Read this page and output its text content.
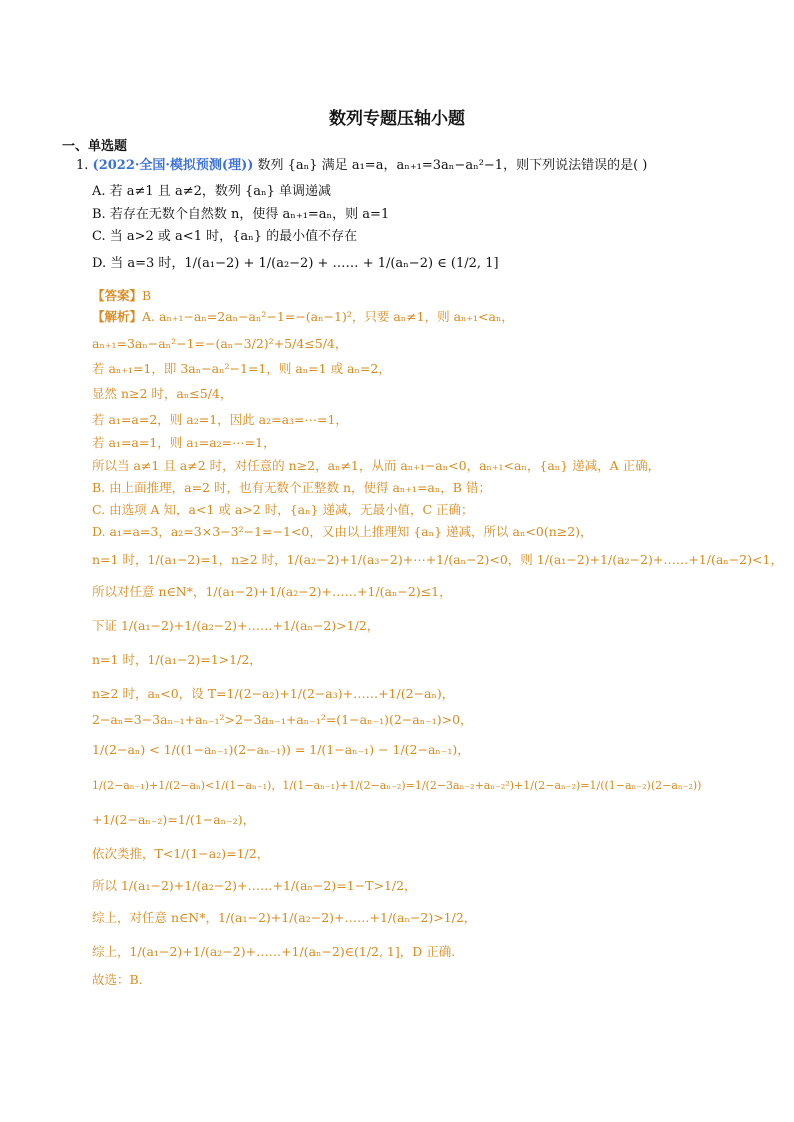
数列专题压轴小题
一、单选题
1. (2022·全国·模拟预测(理)) 数列 {aₙ} 满足 a₁=a，aₙ₊₁=3aₙ−aₙ²−1，则下列说法错误的是( )
A. 若 a≠1 且 a≠2，数列 {aₙ} 单调递减
B. 若存在无数个自然数 n，使得 aₙ₊₁=aₙ，则 a=1
C. 当 a>2 或 a<1 时，{aₙ} 的最小值不存在
D. 当 a=3 时，1/(a₁−2) + 1/(a₂−2) + …… + 1/(aₙ−2) ∈ (1/2, 1]
【答案】B
【解析】A. aₙ₊₁−aₙ=2aₙ−aₙ²−1=−(aₙ−1)²，只要 aₙ≠1，则 aₙ₊₁<aₙ，
aₙ₊₁=3aₙ−aₙ²−1=−(aₙ−3/2)²+5/4≤5/4，
若 aₙ₊₁=1，即 3aₙ−aₙ²−1=1，则 aₙ=1 或 aₙ=2，
显然 n≥2 时，aₙ≤5/4，
若 a₁=a=2，则 a₂=1，因此 a₂=a₃=⋯=1，
若 a₁=a=1，则 a₁=a₂=⋯=1，
所以当 a≠1 且 a≠2 时，对任意的 n≥2，aₙ≠1，从而 aₙ₊₁−aₙ<0，aₙ₊₁<aₙ，{aₙ} 递减，A 正确，
B. 由上面推理，a=2 时，也有无数个正整数 n，使得 aₙ₊₁=aₙ，B 错；
C. 由选项 A 知，a<1 或 a>2 时，{aₙ} 递减，无最小值，C 正确；
D. a₁=a=3，a₂=3×3−3²−1=−1<0，又由以上推理知 {aₙ} 递减，所以 aₙ<0(n≥2)，
n=1 时，1/(a₁−2)=1，n≥2 时，1/(a₂−2)+1/(a₃−2)+⋯+1/(aₙ−2)<0，则 1/(a₁−2)+1/(a₂−2)+……+1/(aₙ−2)<1，
所以对任意 n∈N*，1/(a₁−2)+1/(a₂−2)+……+1/(aₙ−2)≤1，
下证 1/(a₁−2)+1/(a₂−2)+……+1/(aₙ−2)>1/2，
n=1 时，1/(a₁−2)=1>1/2，
n≥2 时，aₙ<0，设 T=1/(2−a₂)+1/(2−a₃)+……+1/(2−aₙ)，
2−aₙ=3−3aₙ₋₁+aₙ₋₁²>2−3aₙ₋₁+aₙ₋₁²=(1−aₙ₋₁)(2−aₙ₋₁)>0，
1/(2−aₙ) < 1/((1−aₙ₋₁)(2−aₙ₋₁)) = 1/(1−aₙ₋₁) − 1/(2−aₙ₋₁)，
1/(2−aₙ₋₁)+1/(2−aₙ)<1/(1−aₙ₋₁)，1/(1−aₙ₋₁)+1/(2−aₙ₋₂)=1/(2−3aₙ₋₂+aₙ₋₂²)+1/(2−aₙ₋₂)=1/((1−aₙ₋₂)(2−aₙ₋₂))
+1/(2−aₙ₋₂)=1/(1−aₙ₋₂)，
依次类推，T<1/(1−a₂)=1/2，
所以 1/(a₁−2)+1/(a₂−2)+……+1/(aₙ−2)=1−T>1/2，
综上，对任意 n∈N*，1/(a₁−2)+1/(a₂−2)+……+1/(aₙ−2)>1/2，
综上，1/(a₁−2)+1/(a₂−2)+……+1/(aₙ−2)∈(1/2, 1]，D 正确.
故选：B.
